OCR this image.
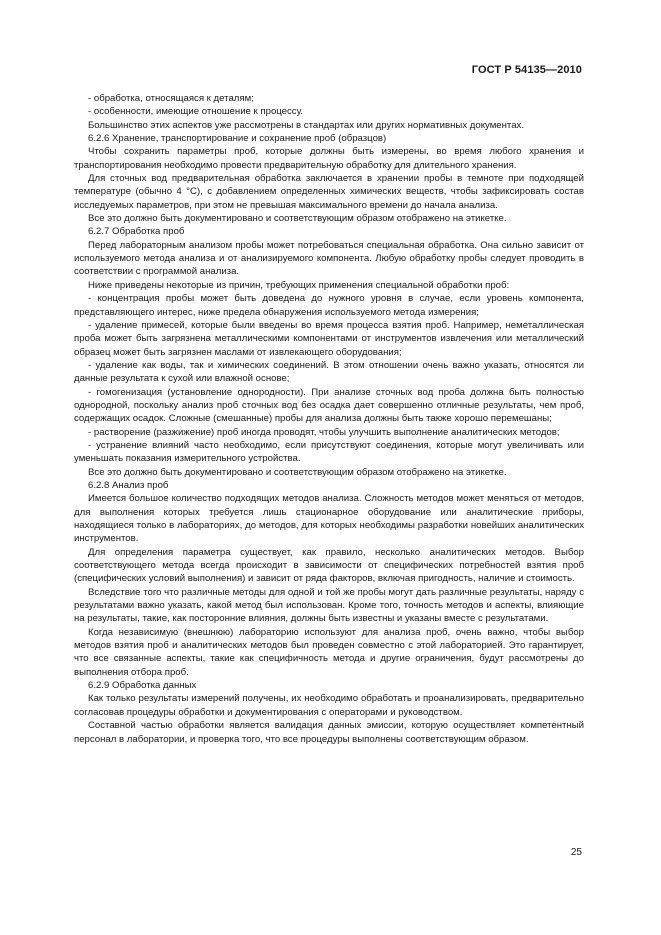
ГОСТ Р 54135—2010

- обработка, относящаяся к деталям;

- особенности, имеющие отношение к процессу.

Большинство этих аспектов уже рассмотрены в стандартах или других нормативных документах.

6.2.6 Хранение, транспортирование и сохранение проб (образцов)

Чтобы сохранить параметры проб, которые должны быть измерены, во время любого хранения и транспортирования необходимо провести предварительную обработку для длительного хранения.

Для сточных вод предварительная обработка заключается в хранении пробы в темноте при подходящей температуре (обычно 4 °С), с добавлением определенных химических веществ, чтобы зафиксировать состав исследуемых параметров, при этом не превышая максимального времени до начала анализа.

Все это должно быть документировано и соответствующим образом отображено на этикетке.

6.2.7 Обработка проб

Перед лабораторным анализом пробы может потребоваться специальная обработка. Она сильно зависит от используемого метода анализа и от анализируемого компонента. Любую обработку пробы следует проводить в соответствии с программой анализа.

Ниже приведены некоторые из причин, требующих применения специальной обработки проб:

- концентрация пробы может быть доведена до нужного уровня в случае, если уровень компонента, представляющего интерес, ниже предела обнаружения используемого метода измерения;

- удаление примесей, которые были введены во время процесса взятия проб. Например, неметаллическая проба может быть загрязнена металлическими компонентами от инструментов извлечения или металлический образец может быть загрязнен маслами от извлекающего оборудования;

- удаление как воды, так и химических соединений. В этом отношении очень важно указать, относятся ли данные результата к сухой или влажной основе;

- гомогенизация (установление однородности). При анализе сточных вод проба должна быть полностью однородной, поскольку анализ проб сточных вод без осадка дает совершенно отличные результаты, чем проб, содержащих осадок. Сложные (смешанные) пробы для анализа должны быть также хорошо перемешаны;

- растворение (разжижение) проб иногда проводят, чтобы улучшить выполнение аналитических методов;

- устранение влияний часто необходимо, если присутствуют соединения, которые могут увеличивать или уменьшать показания измерительного устройства.

Все это должно быть документировано и соответствующим образом отображено на этикетке.

6.2.8 Анализ проб

Имеется большое количество подходящих методов анализа. Сложность методов может меняться от методов, для выполнения которых требуется лишь стационарное оборудование или аналитические приборы, находящиеся только в лабораториях, до методов, для которых необходимы разработки новейших аналитических инструментов.

Для определения параметра существует, как правило, несколько аналитических методов. Выбор соответствующего метода всегда происходит в зависимости от специфических потребностей взятия проб (специфических условий выполнения) и зависит от ряда факторов, включая пригодность, наличие и стоимость.

Вследствие того что различные методы для одной и той же пробы могут дать различные результаты, наряду с результатами важно указать, какой метод был использован. Кроме того, точность методов и аспекты, влияющие на результаты, такие, как посторонние влияния, должны быть известны и указаны вместе с результатами.

Когда независимую (внешнюю) лабораторию используют для анализа проб, очень важно, чтобы выбор методов взятия проб и аналитических методов был проведен совместно с этой лабораторией. Это гарантирует, что все связанные аспекты, такие как специфичность метода и другие ограничения, будут рассмотрены до выполнения отбора проб.

6.2.9 Обработка данных

Как только результаты измерений получены, их необходимо обработать и проанализировать, предварительно согласовав процедуры обработки и документирования с операторами и руководством.

Составной частью обработки является валидация данных эмиссии, которую осуществляет компетентный персонал в лаборатории, и проверка того, что все процедуры выполнены соответствующим образом.

25
